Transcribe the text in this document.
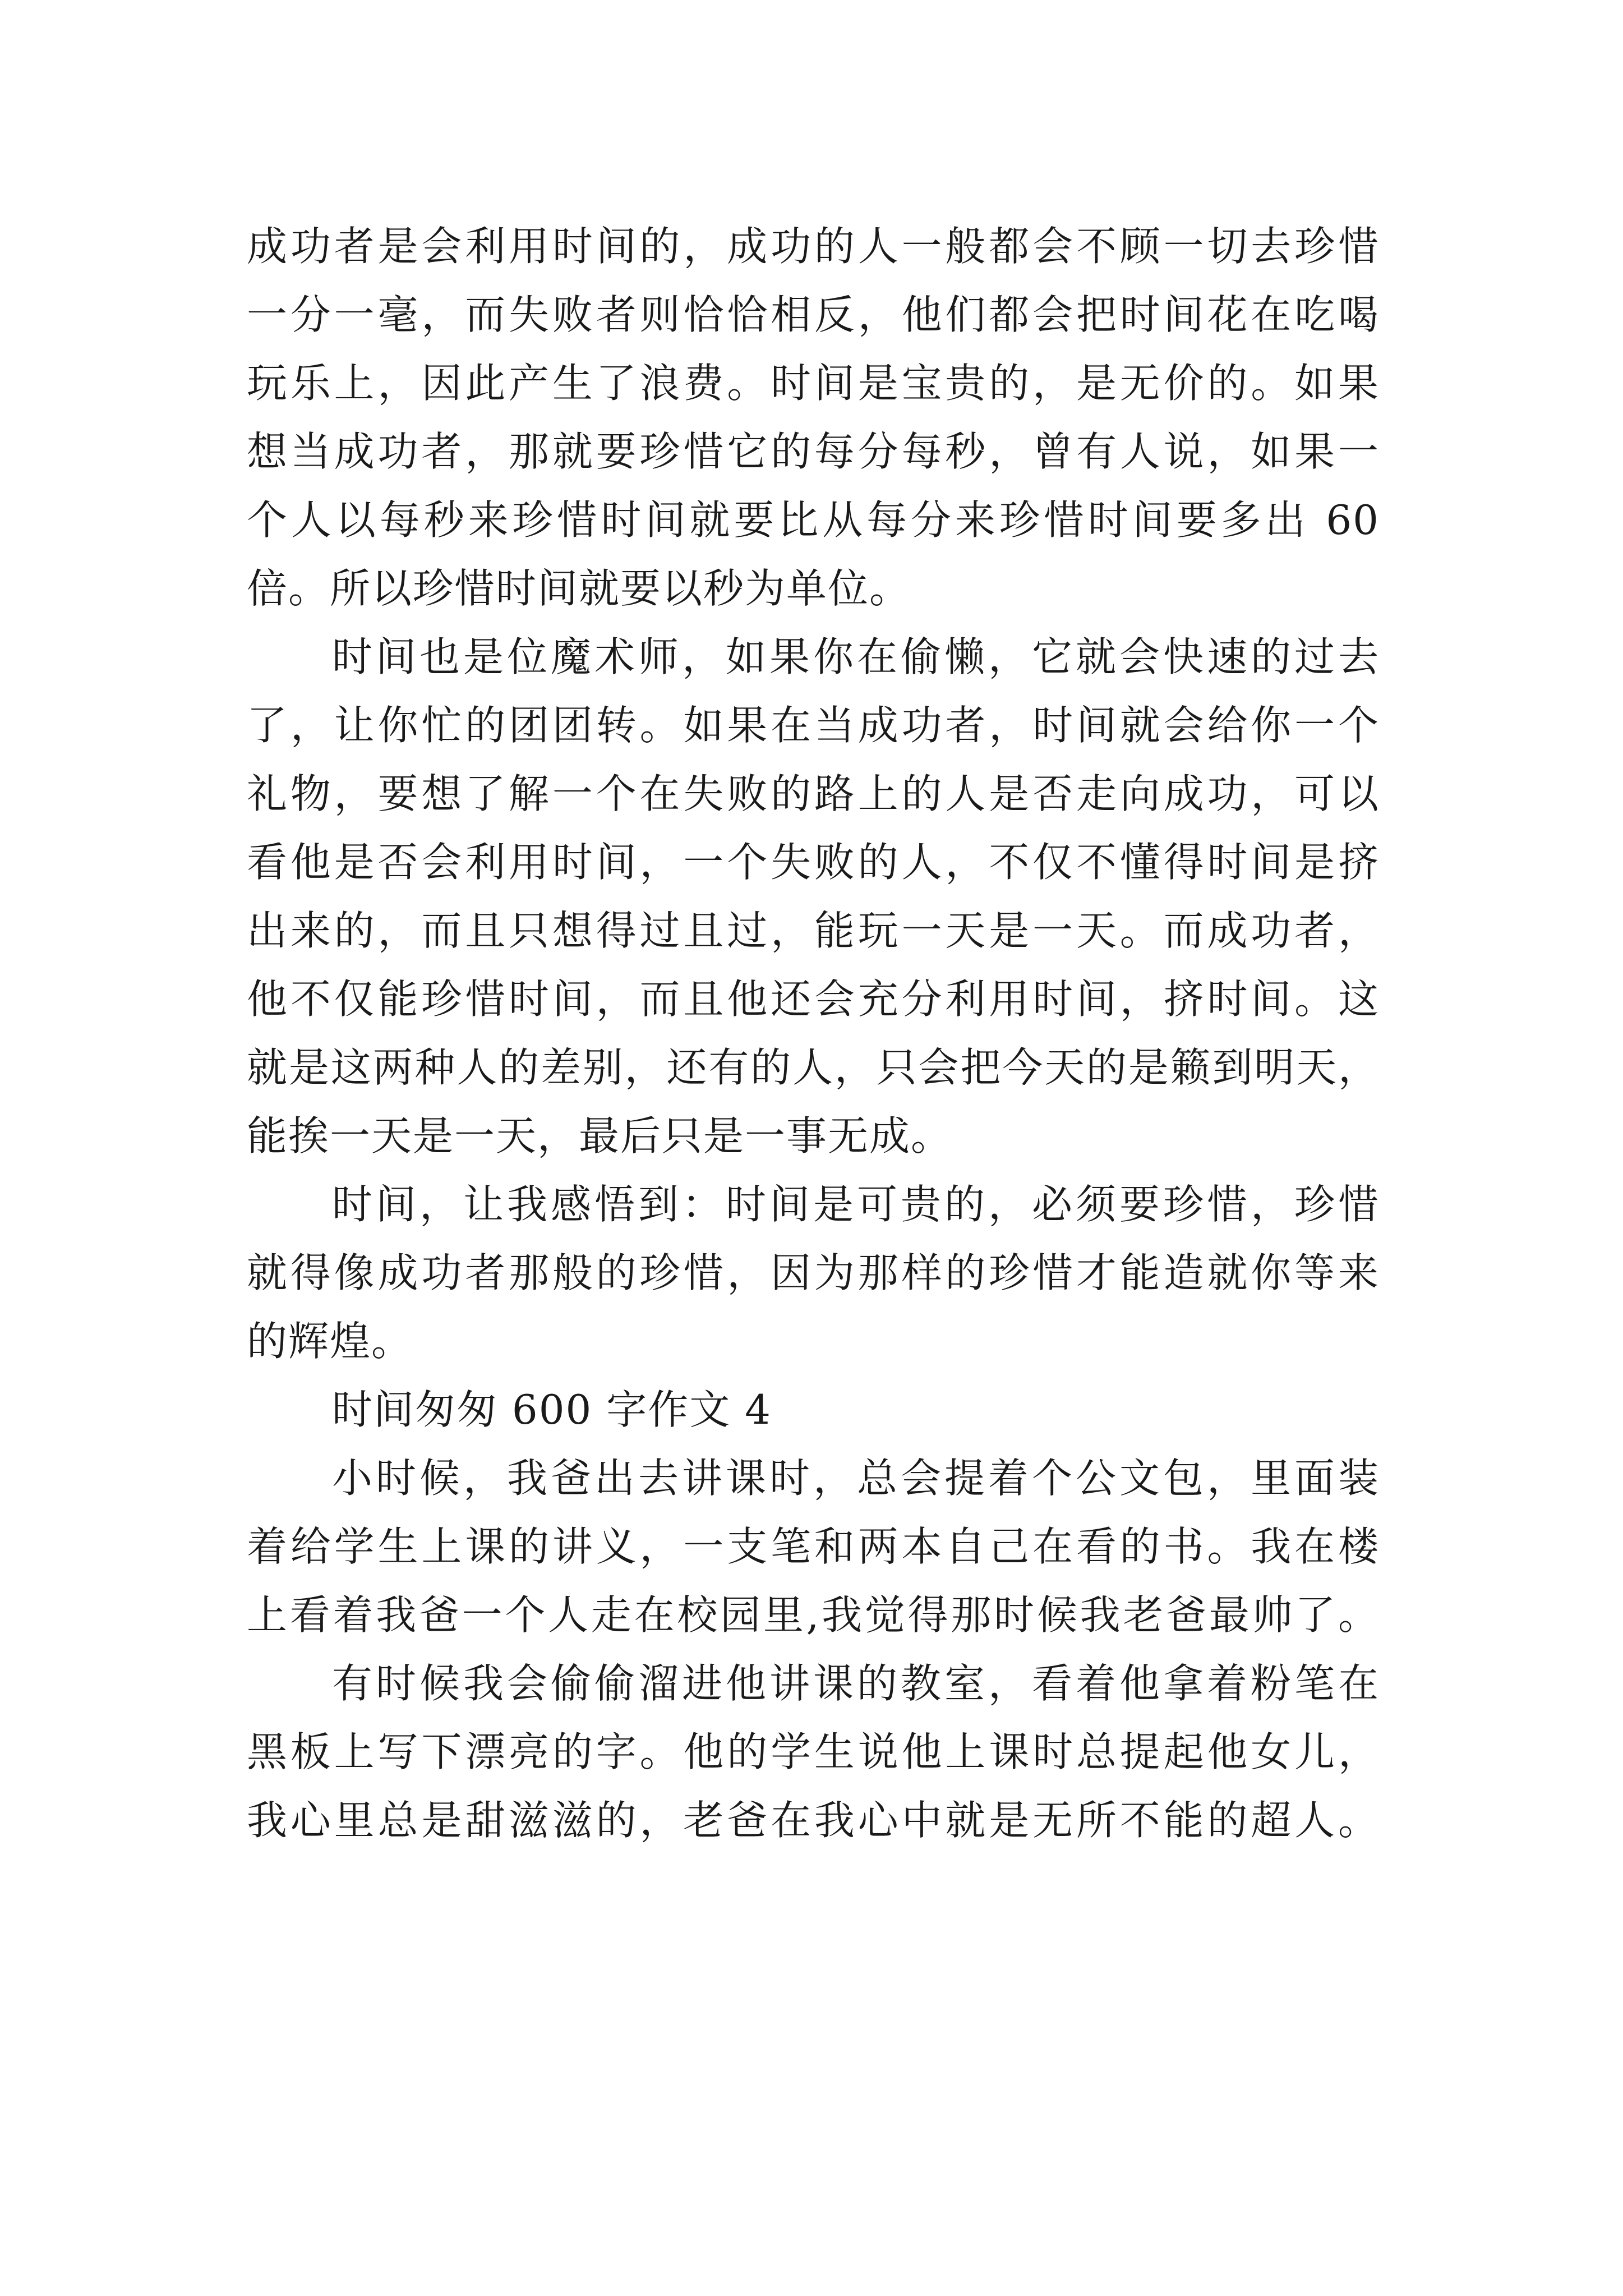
成功者是会利用时间的，成功的人一般都会不顾一切去珍惜
一分一毫，而失败者则恰恰相反，他们都会把时间花在吃喝
玩乐上，因此产生了浪费。时间是宝贵的，是无价的。如果
想当成功者，那就要珍惜它的每分每秒，曾有人说，如果一
个人以每秒来珍惜时间就要比从每分来珍惜时间要多出 60
倍。所以珍惜时间就要以秒为单位。

时间也是位魔术师，如果你在偷懒，它就会快速的过去
了，让你忙的团团转。如果在当成功者，时间就会给你一个
礼物，要想了解一个在失败的路上的人是否走向成功，可以
看他是否会利用时间，一个失败的人，不仅不懂得时间是挤
出来的，而且只想得过且过，能玩一天是一天。而成功者，
他不仅能珍惜时间，而且他还会充分利用时间，挤时间。这
就是这两种人的差别，还有的人，只会把今天的是籁到明天，
能挨一天是一天，最后只是一事无成。

时间，让我感悟到：时间是可贵的，必须要珍惜，珍惜
就得像成功者那般的珍惜，因为那样的珍惜才能造就你等来
的辉煌。

时间匆匆 600 字作文 4

小时候，我爸出去讲课时，总会提着个公文包，里面装
着给学生上课的讲义，一支笔和两本自己在看的书。我在楼
上看着我爸一个人走在校园里,我觉得那时候我老爸最帅了。

有时候我会偷偷溜进他讲课的教室，看着他拿着粉笔在
黑板上写下漂亮的字。他的学生说他上课时总提起他女儿，
我心里总是甜滋滋的，老爸在我心中就是无所不能的超人。
